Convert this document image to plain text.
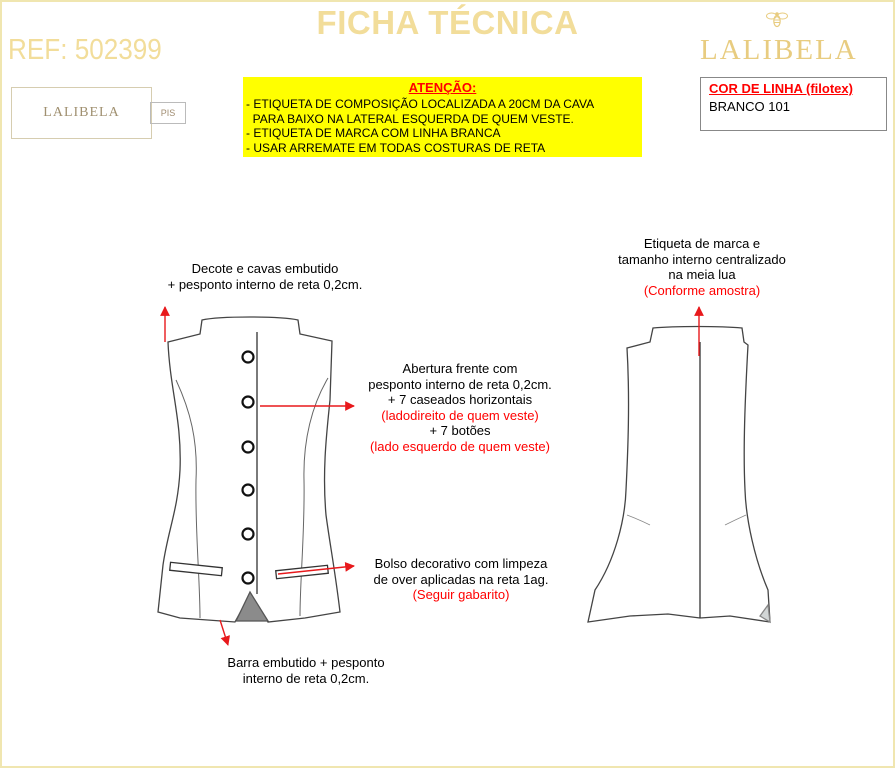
FICHA TÉCNICA
REF: 502399	LALIBELA
LALIBELA	PIS
ATENÇÃO:
- ETIQUETA DE COMPOSIÇÃO LOCALIZADA A 20CM DA CAVA
PARA BAIXO NA LATERAL ESQUERDA DE QUEM VESTE.
- ETIQUETA DE MARCA COM LINHA BRANCA
- USAR ARREMATE EM TODAS COSTURAS DE RETA
COR DE LINHA (filotex)
BRANCO 101
Decote e cavas embutido
+ pesponto interno de reta 0,2cm.
Abertura frente com
pesponto interno de reta 0,2cm.
+ 7 caseados horizontais
(ladodireito de quem veste)
+ 7 botões
(lado esquerdo de quem veste)
Bolso decorativo com limpeza
de over aplicadas na reta 1ag.
(Seguir gabarito)
Barra embutido + pesponto
interno de reta 0,2cm.
Etiqueta de marca e
tamanho interno centralizado
na meia lua
(Conforme amostra)
